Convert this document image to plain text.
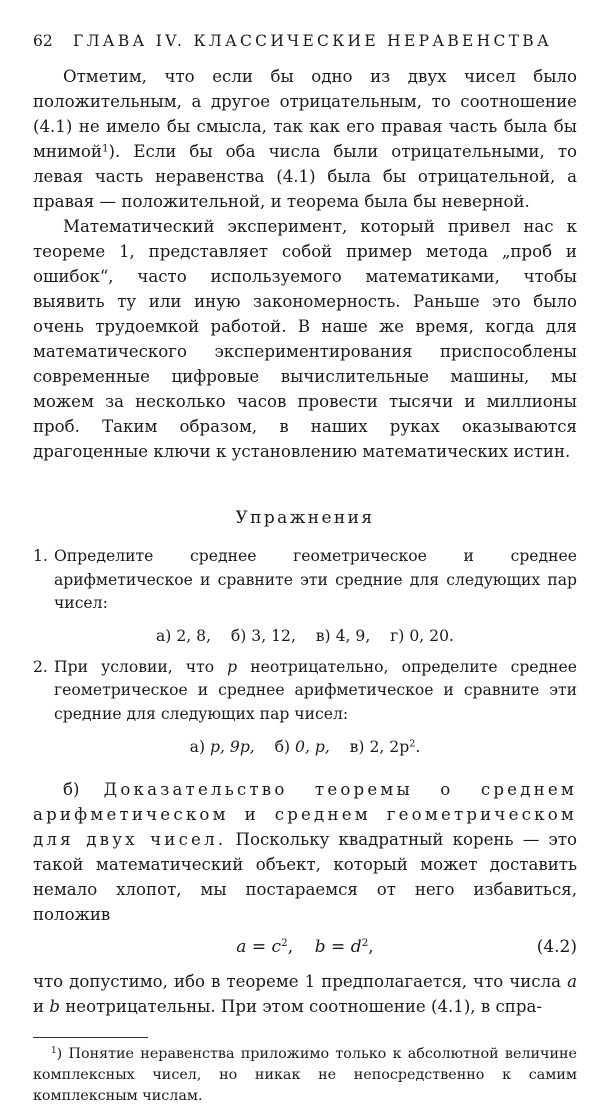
62	ГЛАВА IV. КЛАССИЧЕСКИЕ НЕРАВЕНСТВА

Отметим, что если бы одно из двух чисел было положительным, а другое отрицательным, то соотношение (4.1) не имело бы смысла, так как его правая часть была бы мнимой$^1$). Если бы оба числа были отрицательными, то левая часть неравенства (4.1) была бы отрицательной, а правая — положительной, и теорема была бы неверной.

Математический эксперимент, который привел нас к теореме 1, представляет собой пример метода „проб и ошибок“, часто используемого математиками, чтобы выявить ту или иную закономерность. Раньше это было очень трудоемкой работой. В наше же время, когда для математического экспериментирования приспособлены современные цифровые вычислительные машины, мы можем за несколько часов провести тысячи и миллионы проб. Таким образом, в наших руках оказываются драгоценные ключи к установлению математических истин.

Упражнения

1. Определите среднее геометрическое и среднее арифметическое и сравните эти средние для следующих пар чисел:

а) 2, 8,    б) 3, 12,    в) 4, 9,    г) 0, 20.

2. При условии, что p неотрицательно, определите среднее геометрическое и среднее арифметическое и сравните эти средние для следующих пар чисел:

а) p, 9p, б) 0, p, в) 2, $2p^2$.

б) Доказательство теоремы о среднем арифметическом и среднем геометрическом для двух чисел. Поскольку квадратный корень — это такой математический объект, который может доставить немало хлопот, мы постараемся от него избавиться, положив

$a = c^2$,    $b = d^2$,	(4.2)

что допустимо, ибо в теореме 1 предполагается, что числа a и b неотрицательны. При этом соотношение (4.1), в спра-

$^1$) Понятие неравенства приложимо только к абсолютной величине комплексных чисел, но никак не непосредственно к самим комплексным числам.
